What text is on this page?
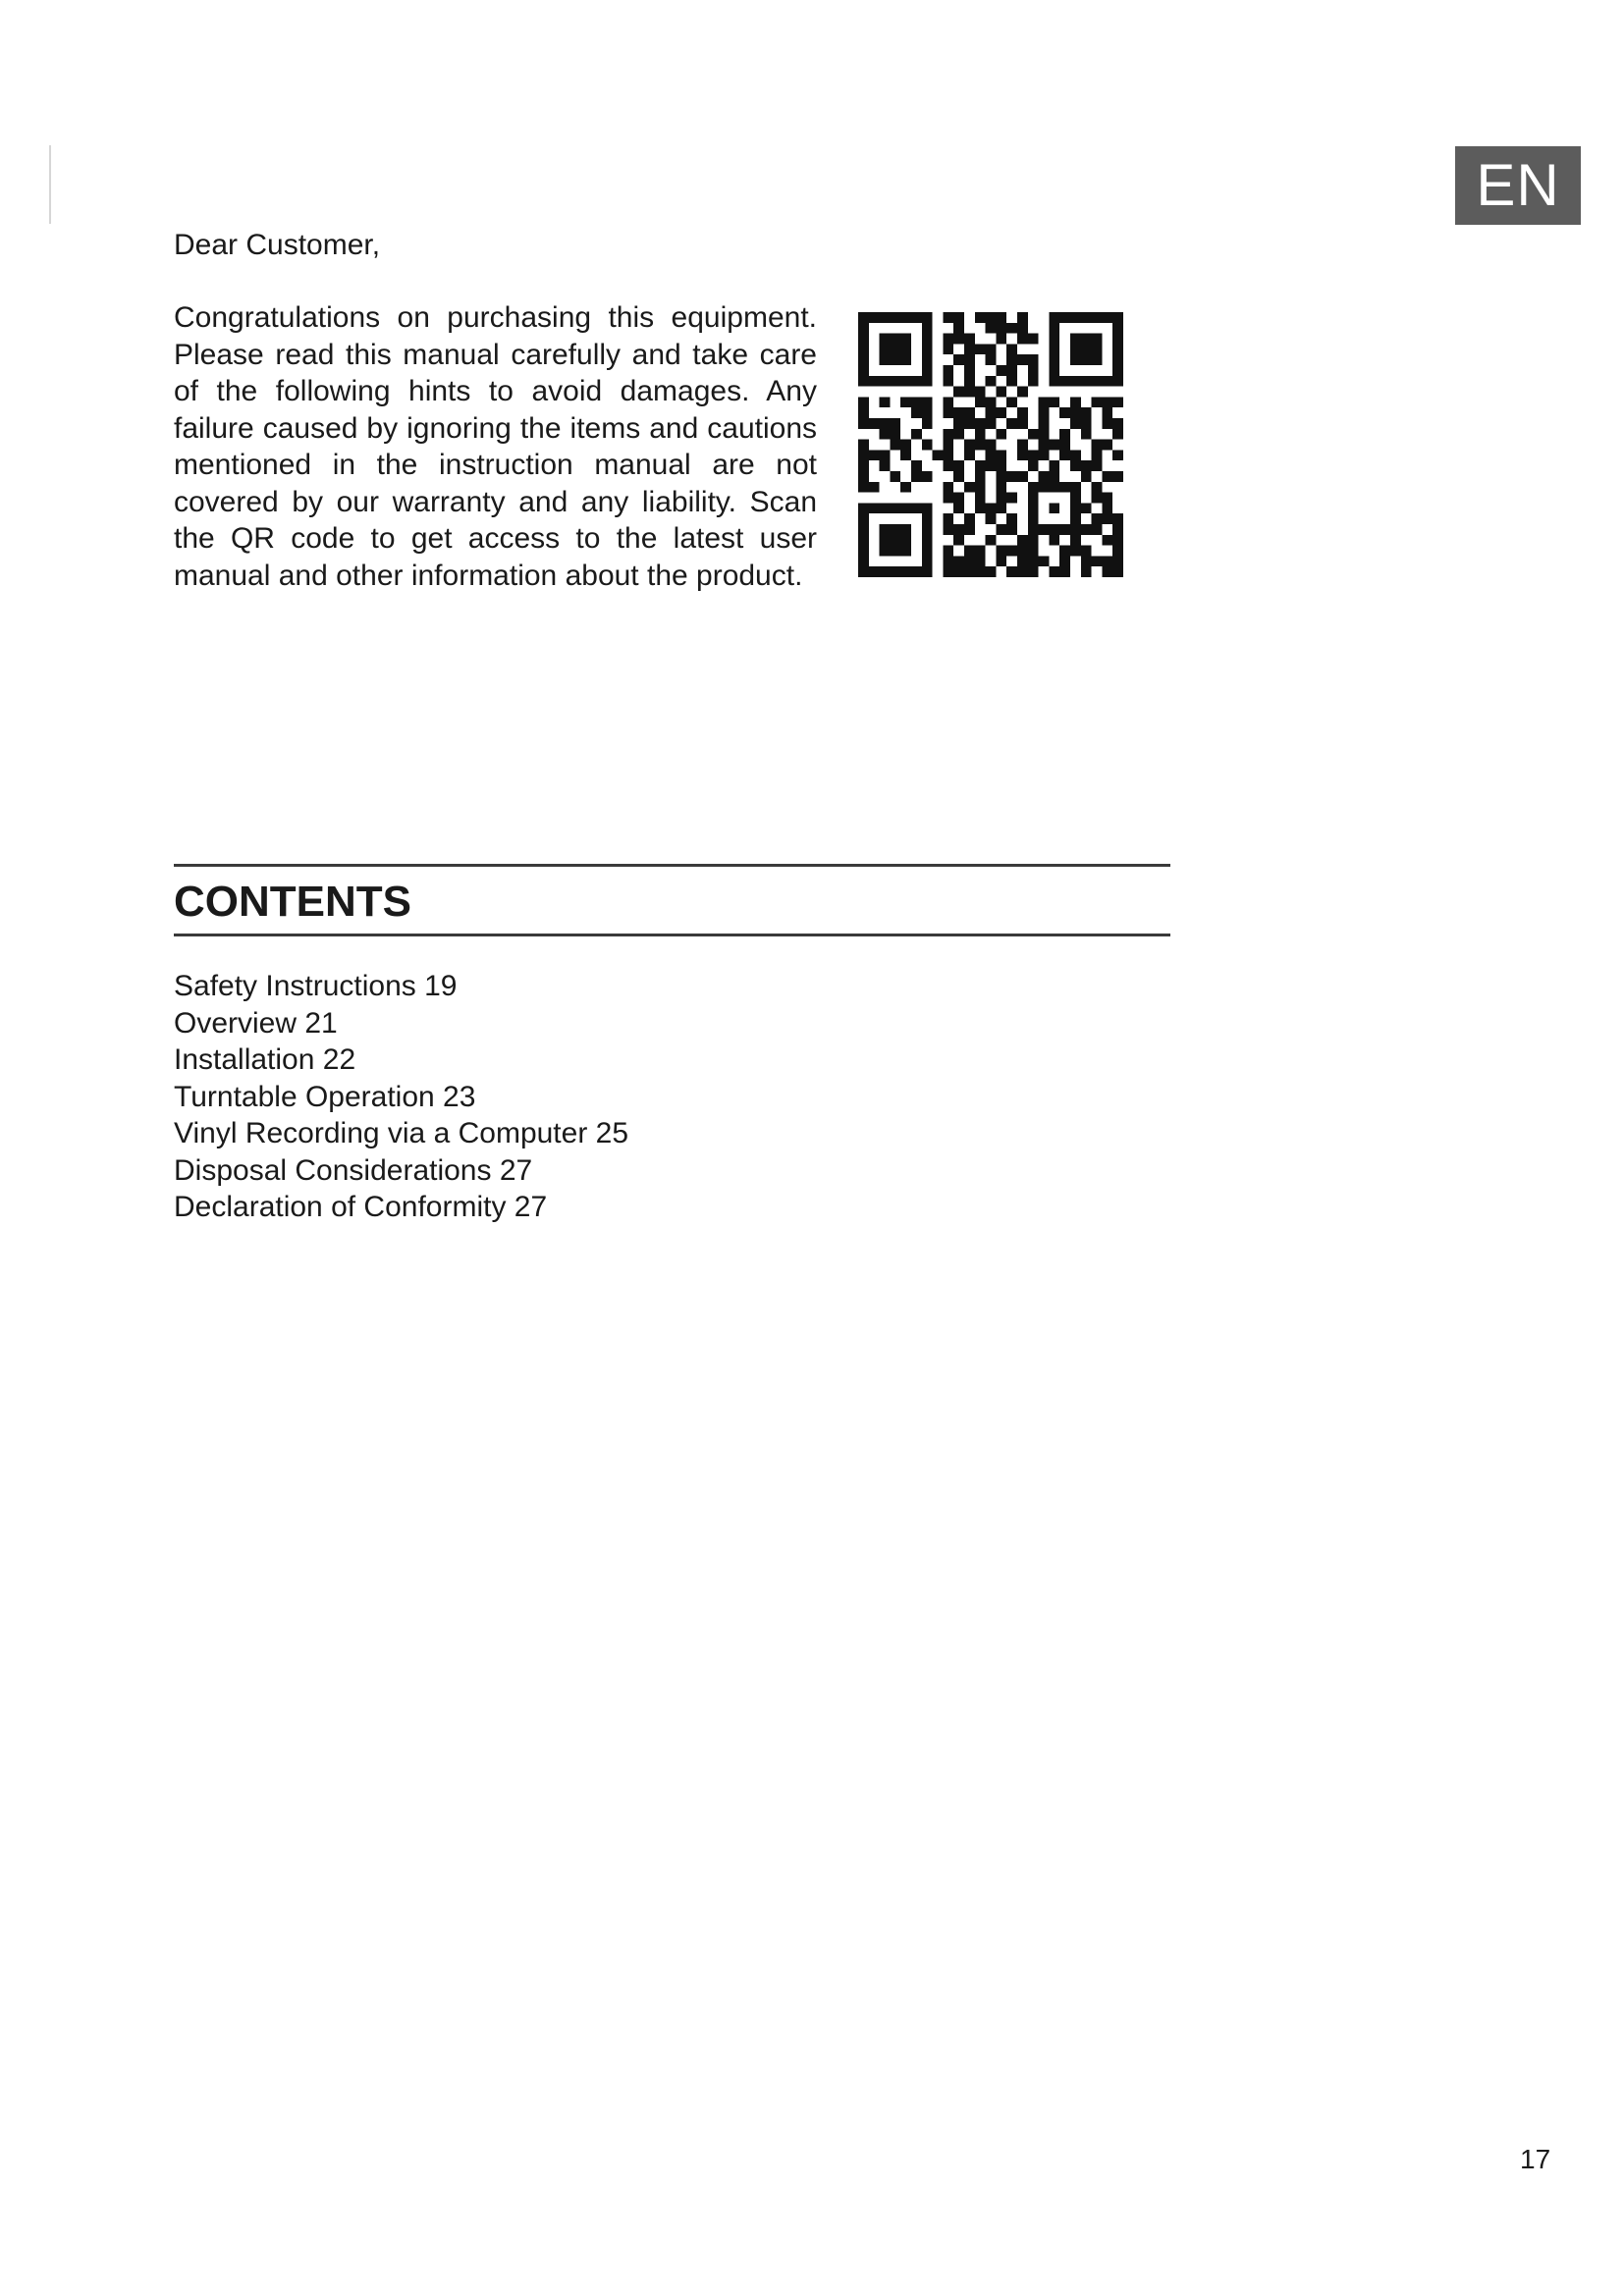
EN

Dear Customer,

Congratulations on purchasing this equipment. Please read this manual carefully and take care of the following hints to avoid damages. Any failure caused by ignoring the items and cautions mentioned in the instruction manual are not covered by our warranty and any liability. Scan the QR code to get access to the latest user manual and other information about the product.

CONTENTS
Safety Instructions 19
Overview 21
Installation 22
Turntable Operation 23
Vinyl Recording via a Computer 25
Disposal Considerations 27
Declaration of Conformity 27
17
